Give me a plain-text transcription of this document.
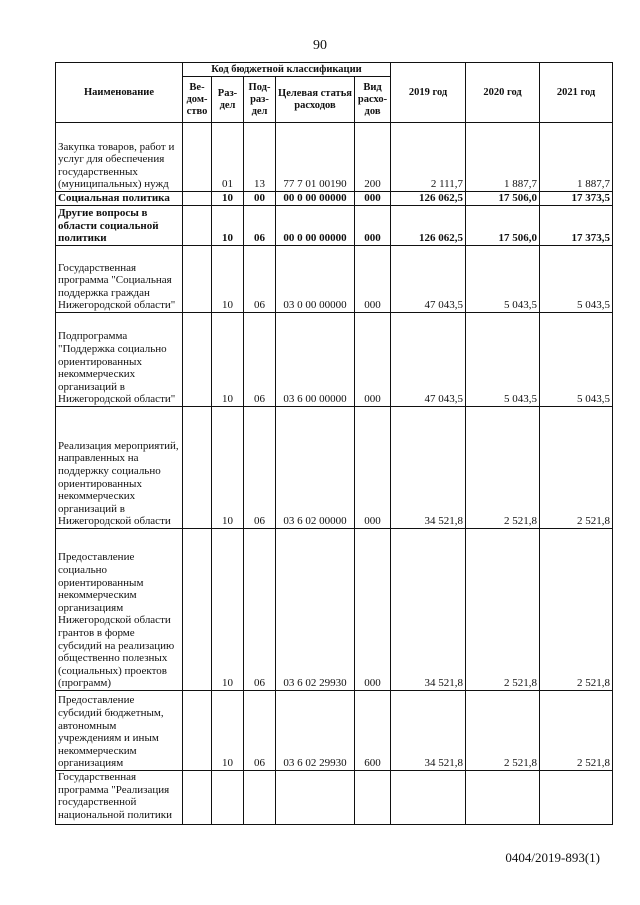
90
Наименование	Код бюджетной классификации					2019 год	2020 год	2021 год
	Ве-дом-ство	Раз-дел	Под-раз-дел	Целевая статья расходов	Вид расхо-дов			
Закупка товаров, работ и услуг для обеспечения государственных (муниципальных) нужд		01	13	77 7 01 00190	200	2 111,7	1 887,7	1 887,7
Социальная политика		10	00	00 0 00 00000	000	126 062,5	17 506,0	17 373,5
Другие вопросы в области социальной политики		10	06	00 0 00 00000	000	126 062,5	17 506,0	17 373,5
Государственная программа "Социальная поддержка граждан Нижегородской области"		10	06	03 0 00 00000	000	47 043,5	5 043,5	5 043,5
Подпрограмма "Поддержка социально ориентированных некоммерческих организаций в Нижегородской области"		10	06	03 6 00 00000	000	47 043,5	5 043,5	5 043,5
Реализация мероприятий, направленных на поддержку социально ориентированных некоммерческих организаций в Нижегородской области		10	06	03 6 02 00000	000	34 521,8	2 521,8	2 521,8
Предоставление социально ориентированным некоммерческим организациям Нижегородской области грантов в форме субсидий на реализацию общественно полезных (социальных) проектов (программ)		10	06	03 6 02 29930	000	34 521,8	2 521,8	2 521,8
Предоставление субсидий бюджетным, автономным учреждениям и иным некоммерческим организациям		10	06	03 6 02 29930	600	34 521,8	2 521,8	2 521,8
Государственная программа "Реализация государственной национальной политики								
0404/2019-893(1)
